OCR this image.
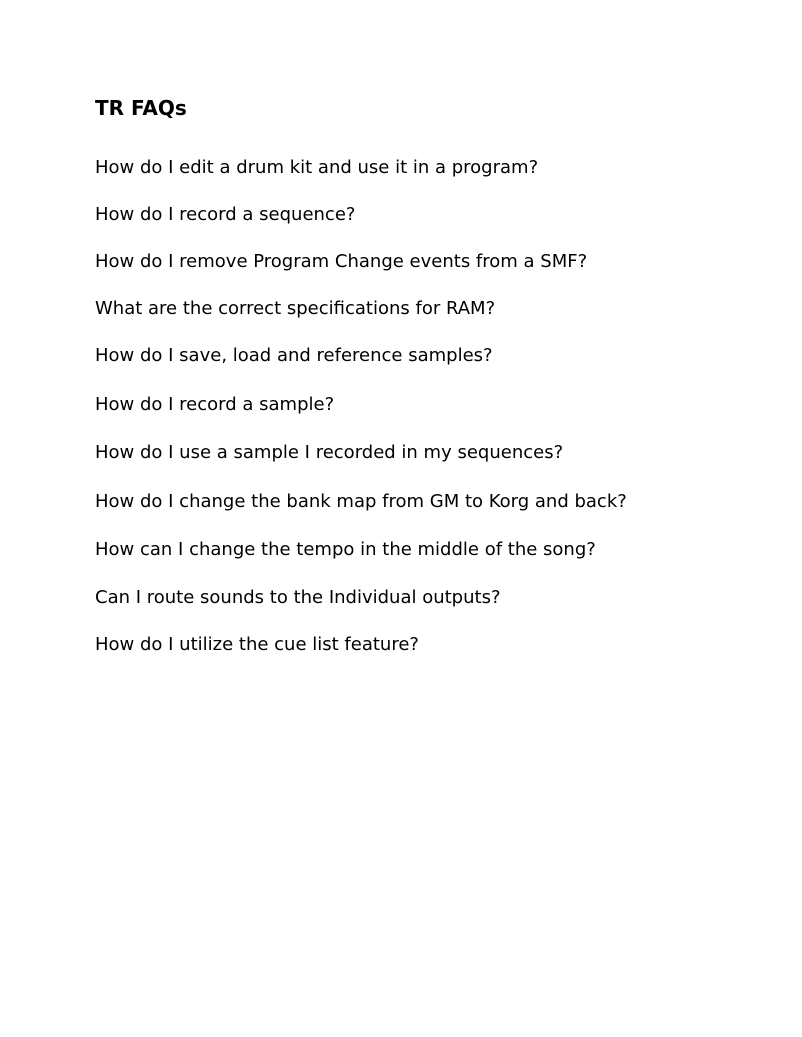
TR FAQs
How do I edit a drum kit and use it in a program?
How do I record a sequence?
How do I remove Program Change events from a SMF?
What are the correct specifications for RAM?
How do I save, load and reference samples?
How do I record a sample?
How do I use a sample I recorded in my sequences?
How do I change the bank map from GM to Korg and back?
How can I change the tempo in the middle of the song?
Can I route sounds to the Individual outputs?
How do I utilize the cue list feature?
